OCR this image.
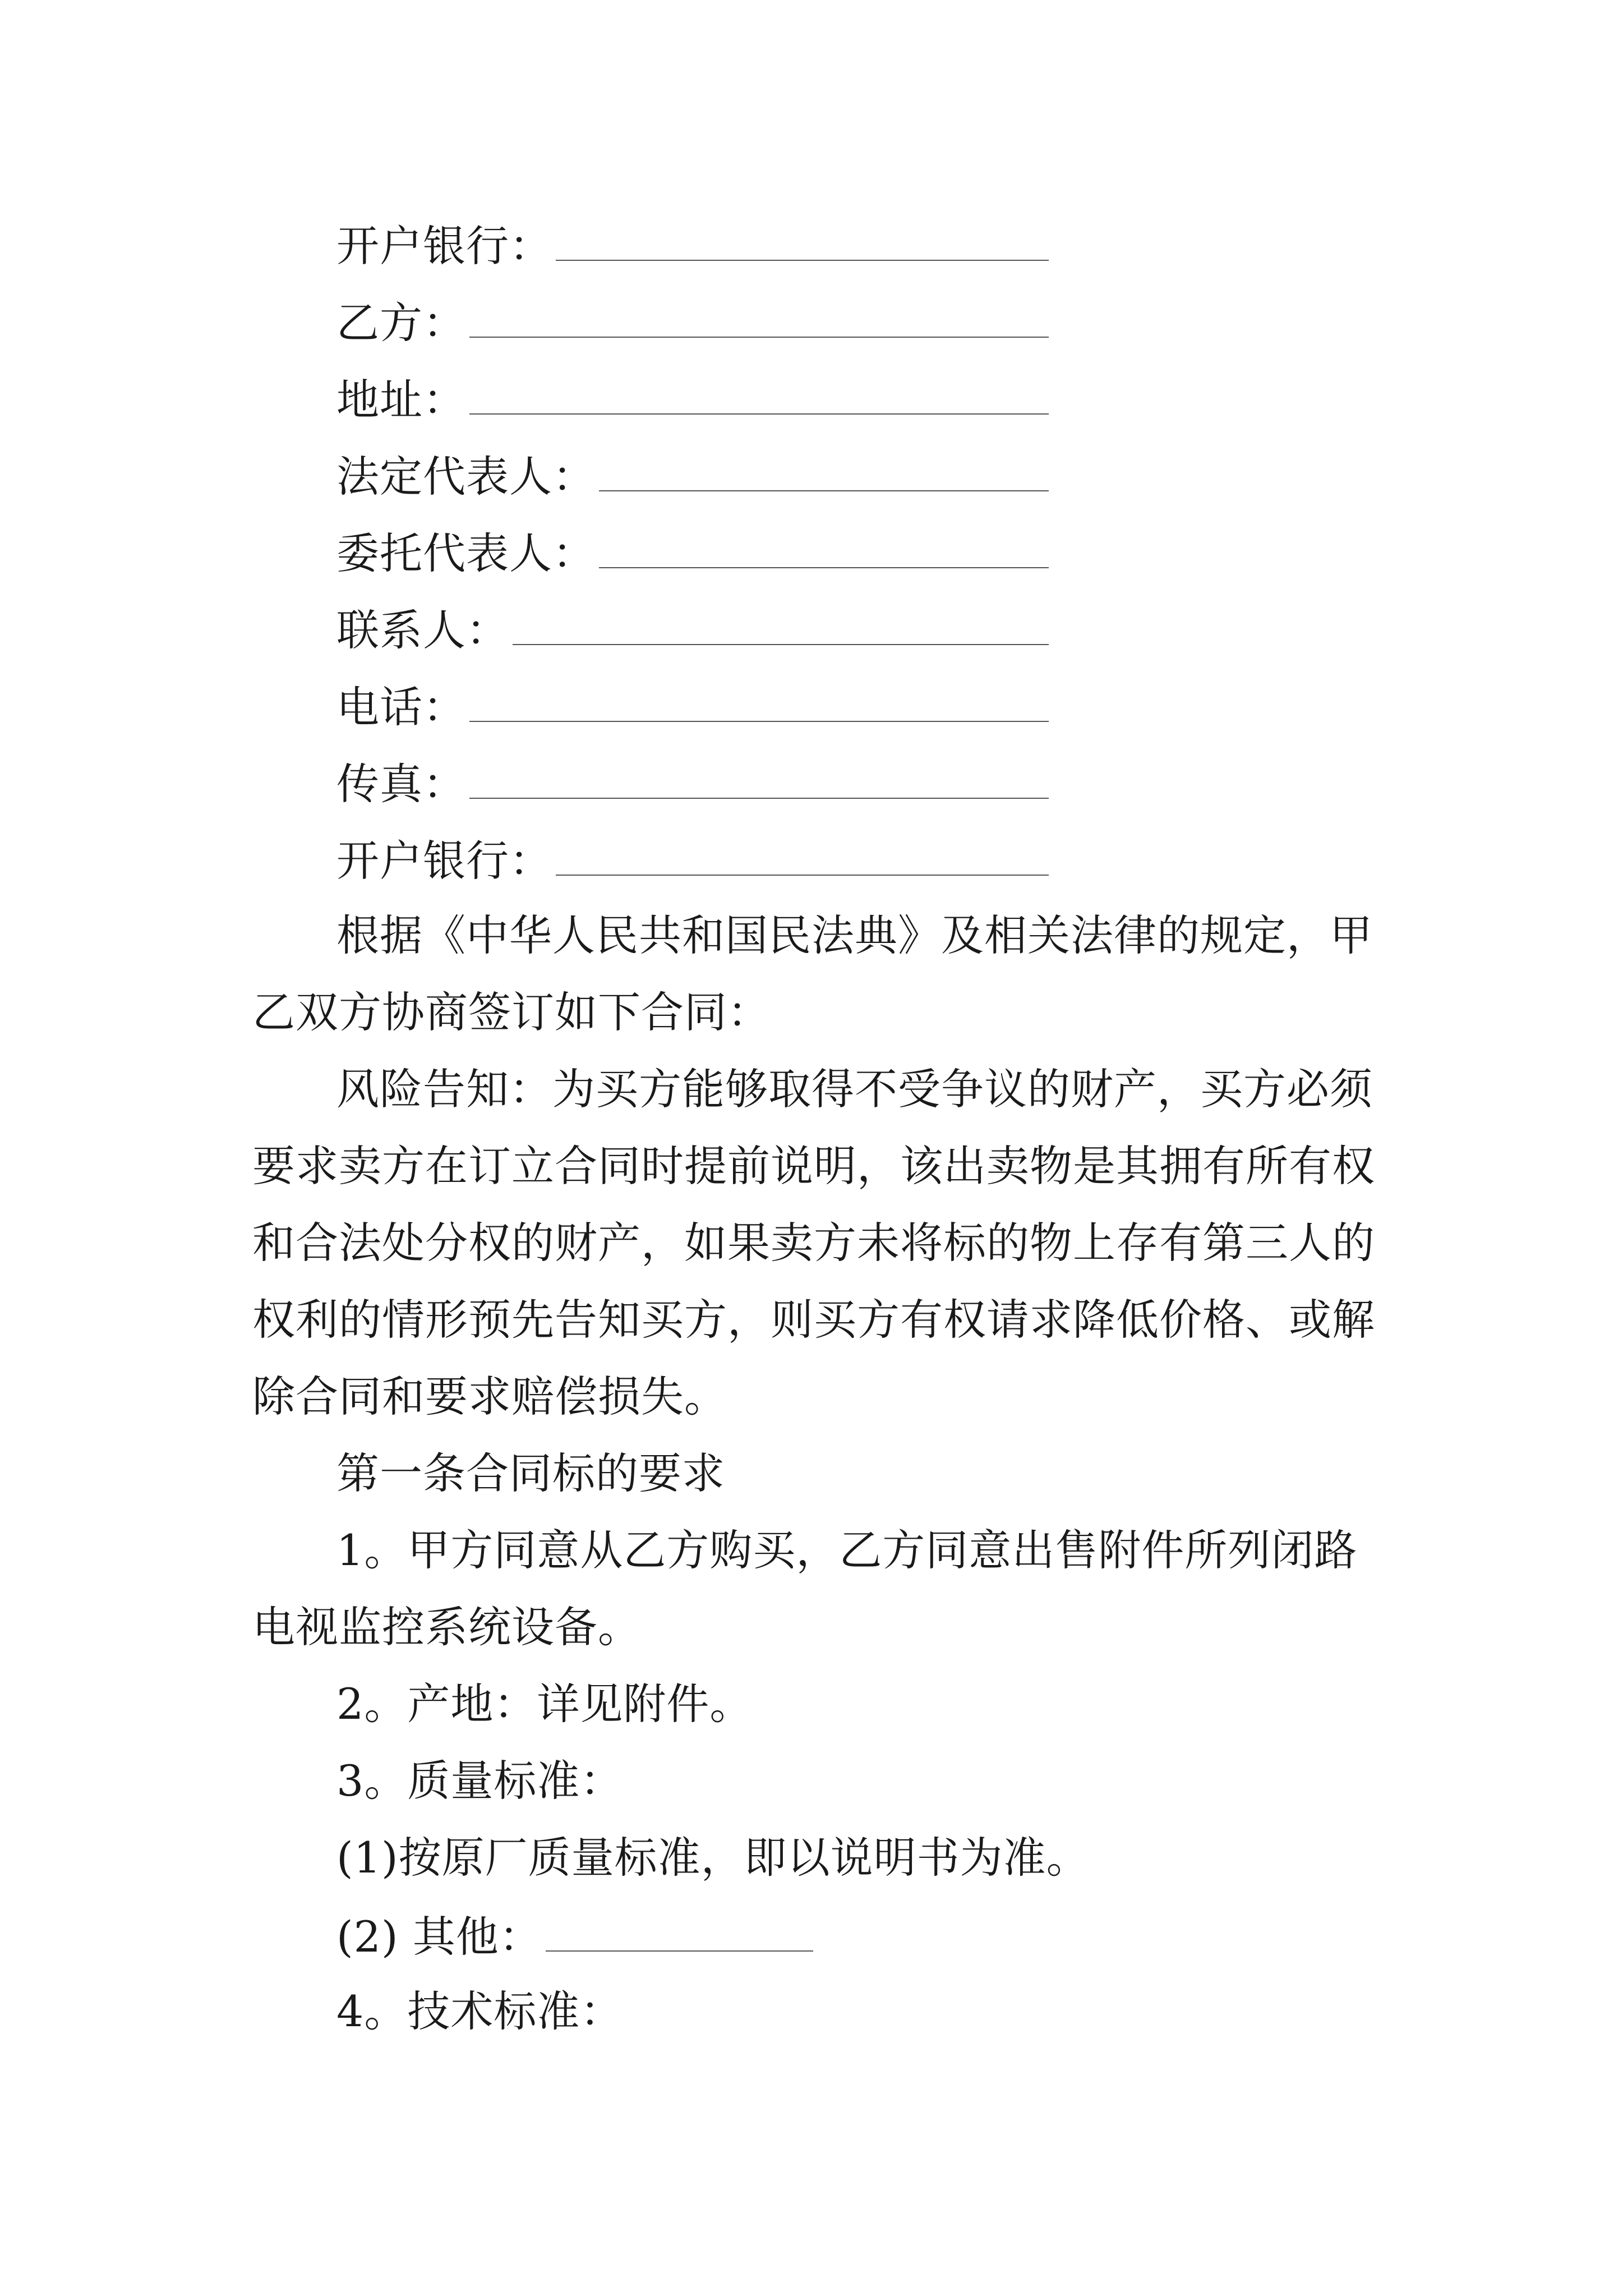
开户银行：
乙方：
地址：
法定代表人：
委托代表人：
联系人：
电话：
传真：
开户银行：
根据《中华人民共和国民法典》及相关法律的规定，甲
乙双方协商签订如下合同：
风险告知：为买方能够取得不受争议的财产，买方必须
要求卖方在订立合同时提前说明，该出卖物是其拥有所有权
和合法处分权的财产，如果卖方未将标的物上存有第三人的
权利的情形预先告知买方，则买方有权请求降低价格、或解
除合同和要求赔偿损失。
第一条合同标的要求
1。甲方同意从乙方购买，乙方同意出售附件所列闭路
电视监控系统设备。
2。产地：详见附件。
3。质量标准：
(1)按原厂质量标准，即以说明书为准。
(2) 其他：
4。技术标准：
